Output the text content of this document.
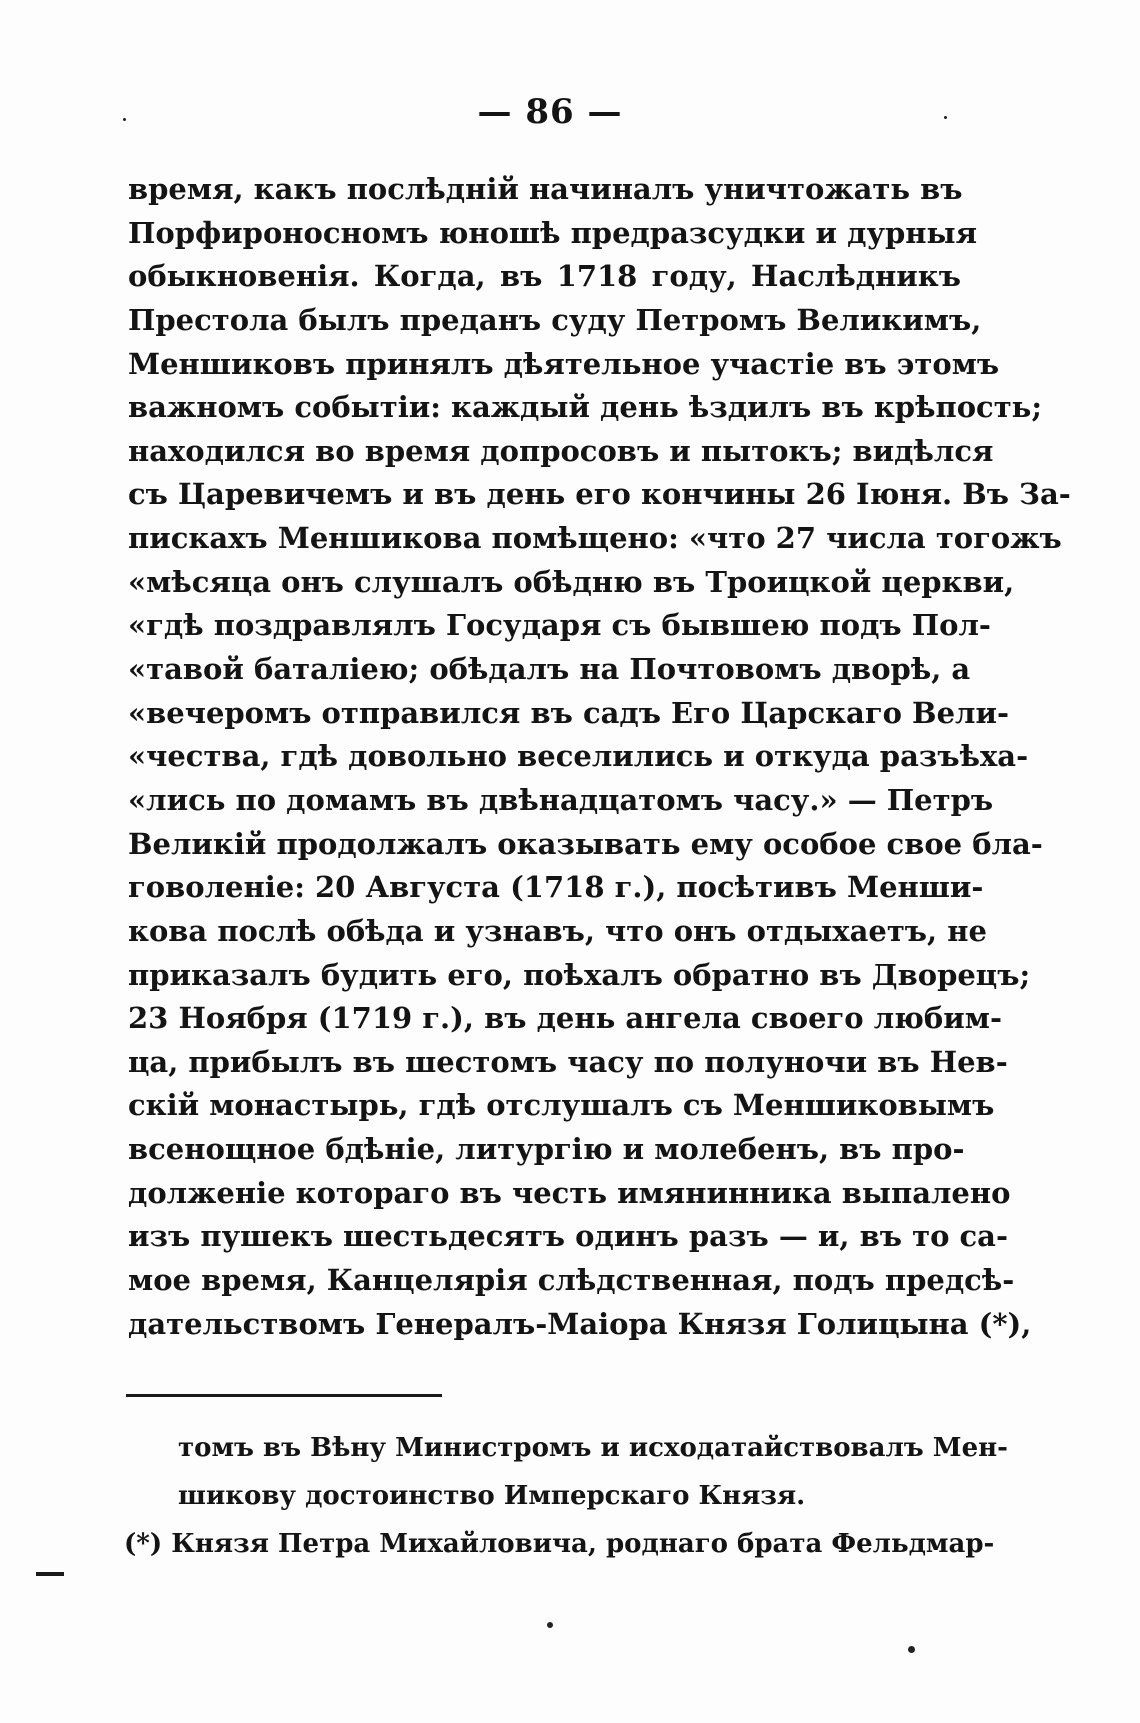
— 86 —
время, какъ послѣдній начиналъ уничтожать въ
Порфироносномъ юношѣ предразсудки и дурныя
обыкновенія. Когда, въ 1718 году, Наслѣдникъ
Престола былъ преданъ суду Петромъ Великимъ,
Меншиковъ принялъ дѣятельное участіе въ этомъ
важномъ событіи: каждый день ѣздилъ въ крѣпость;
находился во время допросовъ и пытокъ; видѣлся
съ Царевичемъ и въ день его кончины 26 Іюня. Въ За-
пискахъ Меншикова помѣщено: «что 27 числа тогожъ
«мѣсяца онъ слушалъ обѣдню въ Троицкой церкви,
«гдѣ поздравлялъ Государя съ бывшею подъ Пол-
«тавой баталіею; обѣдалъ на Почтовомъ дворѣ, а
«вечеромъ отправился въ садъ Его Царскаго Вели-
«чества, гдѣ довольно веселились и откуда разъѣха-
«лись по домамъ въ двѣнадцатомъ часу.» — Петръ
Великій продолжалъ оказывать ему особое свое бла-
говоленіе: 20 Августа (1718 г.), посѣтивъ Менши-
кова послѣ обѣда и узнавъ, что онъ отдыхаетъ, не
приказалъ будить его, поѣхалъ обратно въ Дворецъ;
23 Ноября (1719 г.), въ день ангела своего любим-
ца, прибылъ въ шестомъ часу по полуночи въ Нев-
скій монастырь, гдѣ отслушалъ съ Меншиковымъ
всенощное бдѣніе, литургію и молебенъ, въ про-
долженіе котораго въ честь имянинника выпалено
изъ пушекъ шестьдесятъ одинъ разъ — и, въ то са-
мое время, Канцелярія слѣдственная, подъ предсѣ-
дательствомъ Генералъ-Маіора Князя Голицына (*),
томъ въ Вѣну Министромъ и исходатайствовалъ Мен-
шикову достоинство Имперскаго Князя.
(*) Князя Петра Михайловича, роднаго брата Фельдмар-
